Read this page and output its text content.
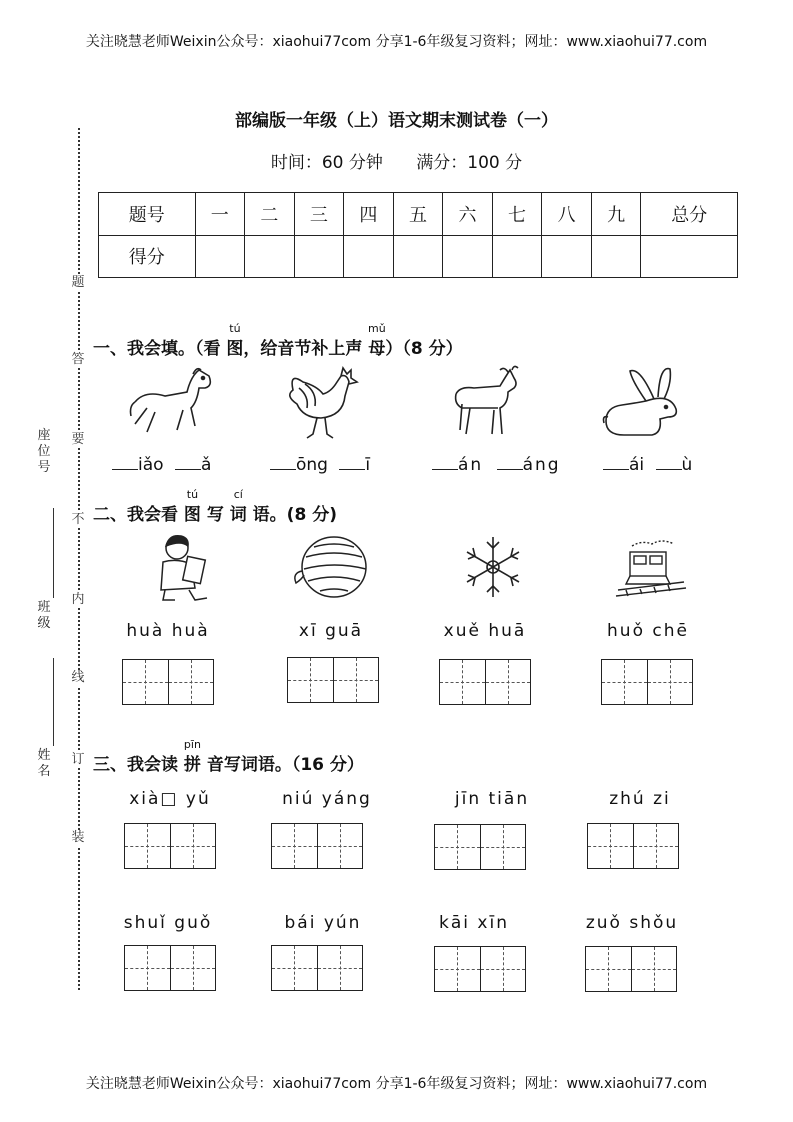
关注晓慧老师Weixin公众号：xiaohui77com 分享1-6年级复习资料；网址：www.xiaohui77.com
关注晓慧老师Weixin公众号：xiaohui77com 分享1-6年级复习资料；网址：www.xiaohui77.com
部编版一年级（上）语文期末测试卷（一）
时间：60 分钟 满分：100 分
题号	一	二	三	四	五	六	七	八	九	总分
得分										
题
答
要
不
内
线
订
装
座位号
班级
姓名
一、我会填。（看
tú
图，给音节补上声
mǔ
母）（8 分）
iǎo ǎ	ōng ī	án áng	ái ù
二、我会看
tú
图 写
cí
词 语。(8 分)
huà huà	xī guā	xuě huā	huǒ chē
三、我会读
pīn
拼 音写词语。（16 分）
xià□ yǔ	niú yáng	jīn tiān	zhú zi
shuǐ guǒ	bái yún	kāi xīn	zuǒ shǒu
